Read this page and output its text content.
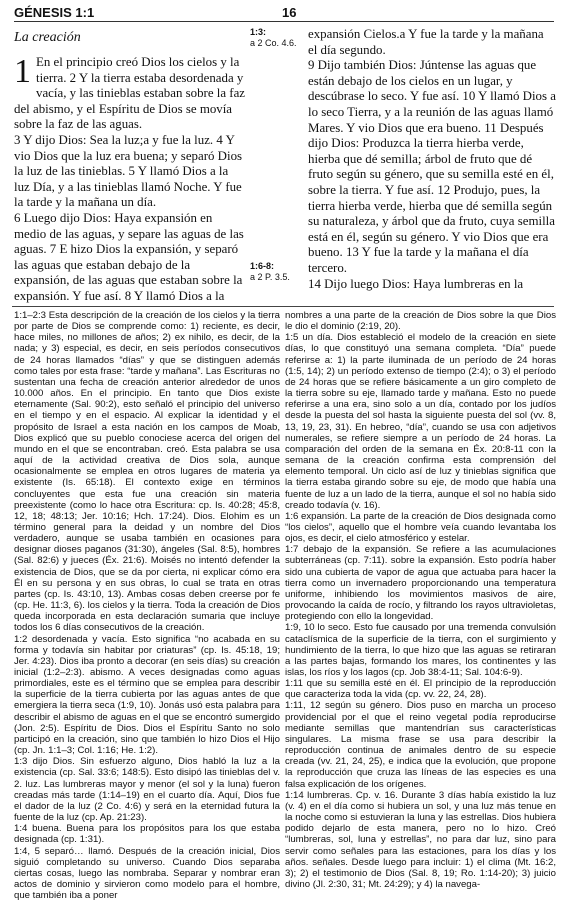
GÉNESIS 1:1	16
La creación	1:3:
a 2 Co. 4.6.
1:6-8:
a 2 P. 3.5.

1 En el principio creó Dios los cielos y la tierra. 2 Y la tierra estaba desordenada y vacía, y las tinieblas estaban sobre la faz del abismo, y el Espíritu de Dios se movía sobre la faz de las aguas.

3 Y dijo Dios: Sea la luz;a y fue la luz. 4 Y vio Dios que la luz era buena; y separó Dios la luz de las tinieblas. 5 Y llamó Dios a la luz Día, y a las tinieblas llamó Noche. Y fue la tarde y la mañana un día.

6 Luego dijo Dios: Haya expansión en medio de las aguas, y separe las aguas de las aguas. 7 E hizo Dios la expansión, y separó las aguas que estaban debajo de la expansión, de las aguas que estaban sobre la expansión. Y fue así. 8 Y llamó Dios a la

expansión Cielos.a Y fue la tarde y la mañana el día segundo.

9 Dijo también Dios: Júntense las aguas que están debajo de los cielos en un lugar, y descúbrase lo seco. Y fue así. 10 Y llamó Dios a lo seco Tierra, y a la reunión de las aguas llamó Mares. Y vio Dios que era bueno. 11 Después dijo Dios: Produzca la tierra hierba verde, hierba que dé semilla; árbol de fruto que dé fruto según su género, que su semilla esté en él, sobre la tierra. Y fue así. 12 Produjo, pues, la tierra hierba verde, hierba que dé semilla según su naturaleza, y árbol que da fruto, cuya semilla está en él, según su género. Y vio Dios que era bueno. 13 Y fue la tarde y la mañana el día tercero.

14 Dijo luego Dios: Haya lumbreras en la

1:1–2:3 Esta descripción de la creación de los cielos y la tierra por parte de Dios se comprende como: 1) reciente, es decir, hace miles, no millones de años; 2) ex nihilo, es decir, de la nada; y 3) especial, es decir, en seis períodos consecutivos de 24 horas llamados “días” y que se distinguen además como tales por esta frase: “tarde y mañana”. Las Escrituras no sustentan una fecha de creación anterior alrededor de unos 10.000 años. En el principio. En tanto que Dios existe eternamente (Sal. 90:2), esto señaló el principio del universo en el tiempo y en el espacio. Al explicar la identidad y el propósito de Israel a esta nación en los campos de Moab, Dios explicó que su pueblo conociese acerca del origen del mundo en el que se encontraban. creó. Esta palabra se usa aquí de la actividad creativa de Dios sola, aunque ocasionalmente se emplea en otros lugares de materia ya existente (Is. 65:18). El contexto exige en términos concluyentes que esta fue una creación sin materia preexistente (como lo hace otra Escritura: cp. Is. 40:28; 45:8, 12, 18; 48:13; Jer. 10:16; Hch. 17:24). Dios. Elohim es un término general para la deidad y un nombre del Dios verdadero, aunque se usaba también en ocasiones para designar dioses paganos (31:30), ángeles (Sal. 8:5), hombres (Sal. 82:6) y jueces (Éx. 21:6). Moisés no intentó defender la existencia de Dios, que se da por cierta, ni explicar cómo era Él en su persona y en sus obras, lo cual se trata en otras partes (cp. Is. 43:10, 13). Ambas cosas deben creerse por fe (cp. He. 11:3, 6). los cielos y la tierra. Toda la creación de Dios queda incorporada en esta declaración sumaria que incluye todos los 6 días consecutivos de la creación.

1:2 desordenada y vacía. Esto significa “no acabada en su forma y todavía sin habitar por criaturas” (cp. Is. 45:18, 19; Jer. 4:23). Dios iba pronto a decorar (en seis días) su creación inicial (1:2–2:3). abismo. A veces designadas como aguas primordiales, este es el término que se emplea para describir la superficie de la tierra cubierta por las aguas antes de que emergiera la tierra seca (1:9, 10). Jonás usó esta palabra para describir el abismo de aguas en el que se encontró sumergido (Jon. 2:5). Espíritu de Dios. Dios el Espíritu Santo no solo participó en la creación, sino que también lo hizo Dios el Hijo (cp. Jn. 1:1–3; Col. 1:16; He. 1:2).

1:3 dijo Dios. Sin esfuerzo alguno, Dios habló la luz a la existencia (cp. Sal. 33:6; 148:5). Esto disipó las tinieblas del v. 2. luz. Las lumbreras mayor y menor (el sol y la luna) fueron creadas más tarde (1:14–19) en el cuarto día. Aquí, Dios fue el dador de la luz (2 Co. 4:6) y será en la eternidad futura la fuente de la luz (cp. Ap. 21:23).

1:4 buena. Buena para los propósitos para los que estaba designada (cp. 1:31).

1:4, 5 separó… llamó. Después de la creación inicial, Dios siguió completando su universo. Cuando Dios separaba ciertas cosas, luego las nombraba. Separar y nombrar eran actos de dominio y sirvieron como modelo para el hombre, que también iba a poner

nombres a una parte de la creación de Dios sobre la que Dios le dio el dominio (2:19, 20).

1:5 un día. Dios estableció el modelo de la creación en siete días, lo que constituyó una semana completa. “Día” puede referirse a: 1) la parte iluminada de un período de 24 horas (1:5, 14); 2) un período extenso de tiempo (2:4); o 3) el período de 24 horas que se refiere básicamente a un giro completo de la tierra sobre su eje, llamado tarde y mañana. Esto no puede referirse a una era, sino solo a un día, contado por los judíos desde la puesta del sol hasta la siguiente puesta del sol (vv. 8, 13, 19, 23, 31). En hebreo, “día”, cuando se usa con adjetivos numerales, se refiere siempre a un período de 24 horas. La comparación del orden de la semana en Éx. 20:8-11 con la semana de la creación confirma esta comprensión del elemento temporal. Un ciclo así de luz y tinieblas significa que la tierra estaba girando sobre su eje, de modo que había una fuente de luz a un lado de la tierra, aunque el sol no había sido creado todavía (v. 16).

1:6 expansión. La parte de la creación de Dios designada como “los cielos”, aquello que el hombre veía cuando levantaba los ojos, es decir, el cielo atmosférico y estelar.

1:7 debajo de la expansión. Se refiere a las acumulaciones subterráneas (cp. 7:11). sobre la expansión. Esto podría haber sido una cubierta de vapor de agua que actuaba para hacer la tierra como un invernadero proporcionando una temperatura uniforme, inhibiendo los movimientos masivos de aire, provocando la caída de rocío, y filtrando los rayos ultravioletas, protegiendo con ello la longevidad.

1:9, 10 lo seco. Esto fue causado por una tremenda convulsión cataclísmica de la superficie de la tierra, con el surgimiento y hundimiento de la tierra, lo que hizo que las aguas se retiraran a las partes bajas, formando los mares, los continentes y las islas, los ríos y los lagos (cp. Job 38:4-11; Sal. 104:6-9).

1:11 que su semilla esté en él. El principio de la reproducción que caracteriza toda la vida (cp. vv. 22, 24, 28).

1:11, 12 según su género. Dios puso en marcha un proceso providencial por el que el reino vegetal podía reproducirse mediante semillas que mantendrían sus características singulares. La misma frase se usa para describir la reproducción continua de animales dentro de su especie creada (vv. 21, 24, 25), e indica que la evolución, que propone la reproducción que cruza las líneas de las especies es una falsa explicación de los orígenes.

1:14 lumbreras. Cp. v. 16. Durante 3 días había existido la luz (v. 4) en el día como si hubiera un sol, y una luz más tenue en la noche como si estuvieran la luna y las estrellas. Dios hubiera podido dejarlo de esta manera, pero no lo hizo. Creó “lumbreras, sol, luna y estrellas”, no para dar luz, sino para servir como señales para las estaciones, para los días y los años. señales. Desde luego para incluir: 1) el clima (Mt. 16:2, 3); 2) el testimonio de Dios (Sal. 8, 19; Ro. 1:14-20); 3) juicio divino (Jl. 2:30, 31; Mt. 24:29); y 4) la navega-
